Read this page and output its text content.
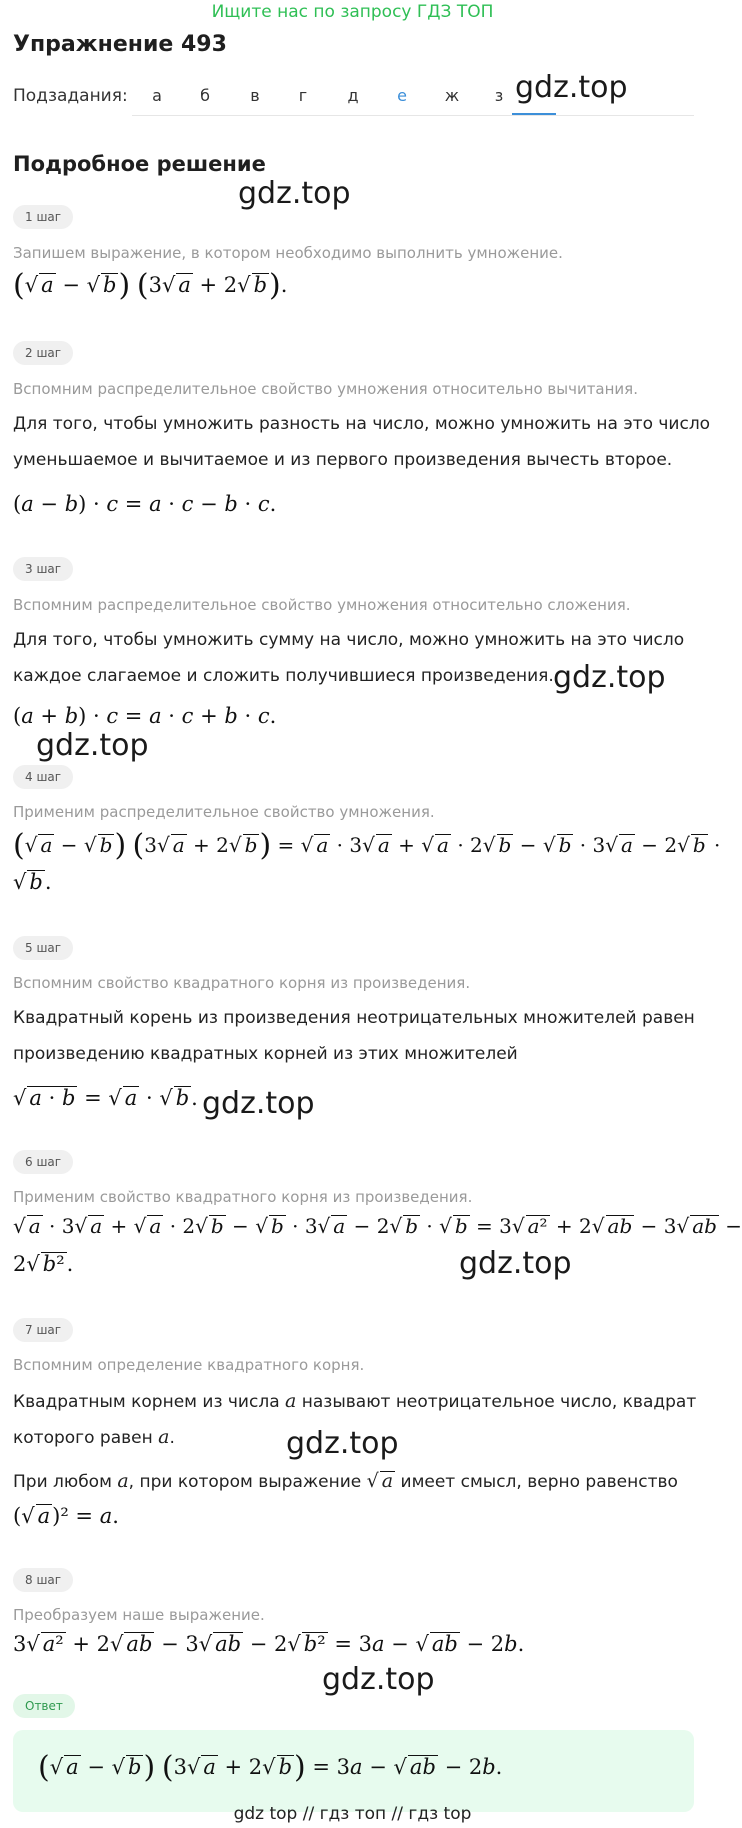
Ищите нас по запросу ГДЗ ТОП
Упражнение 493
Подзадания:	а	б	в	г	д	е	ж	з gdz.top
Подробное решение
gdz.top
1 шаг
Запишем выражение, в котором необходимо выполнить умножение.
(√ a − √ b) (3√ a + 2√ b).
2 шаг
Вспомним распределительное свойство умножения относительно вычитания.
Для того, чтобы умножить разность на число, можно умножить на это число
уменьшаемое и вычитаемое и из первого произведения вычесть второе.
(a − b) · c = a · c − b · c.
3 шаг
Вспомним распределительное свойство умножения относительно сложения.
Для того, чтобы умножить сумму на число, можно умножить на это число
каждое слагаемое и сложить получившиеся произведения. gdz.top
(a + b) · c = a · c + b · c.
gdz.top
4 шаг
Применим распределительное свойство умножения.
(√ a − √ b) (3√ a + 2√ b) = √ a · 3√ a + √ a · 2√ b − √ b · 3√ a − 2√ b ·
√ b.
5 шаг
Вспомним свойство квадратного корня из произведения.
Квадратный корень из произведения неотрицательных множителей равен
произведению квадратных корней из этих множителей
√ a · b = √ a · √ b. gdz.top
6 шаг
Применим свойство квадратного корня из произведения.
√ a · 3√ a + √ a · 2√ b − √ b · 3√ a − 2√ b · √ b = 3√ a² + 2√ ab − 3√ ab −
2√ b².	gdz.top
7 шаг
Вспомним определение квадратного корня.
Квадратным корнем из числа a называют неотрицательное число, квадрат
которого равен a.	gdz.top
При любом a, при котором выражение √ a имеет смысл, верно равенство
(√ a)² = a.
8 шаг
Преобразуем наше выражение.
3√ a² + 2√ ab − 3√ ab − 2√ b² = 3a − √ ab − 2b.
gdz.top
Ответ
(√ a − √ b) (3√ a + 2√ b) = 3a − √ ab − 2b.
gdz top // гдз топ // гдз top
